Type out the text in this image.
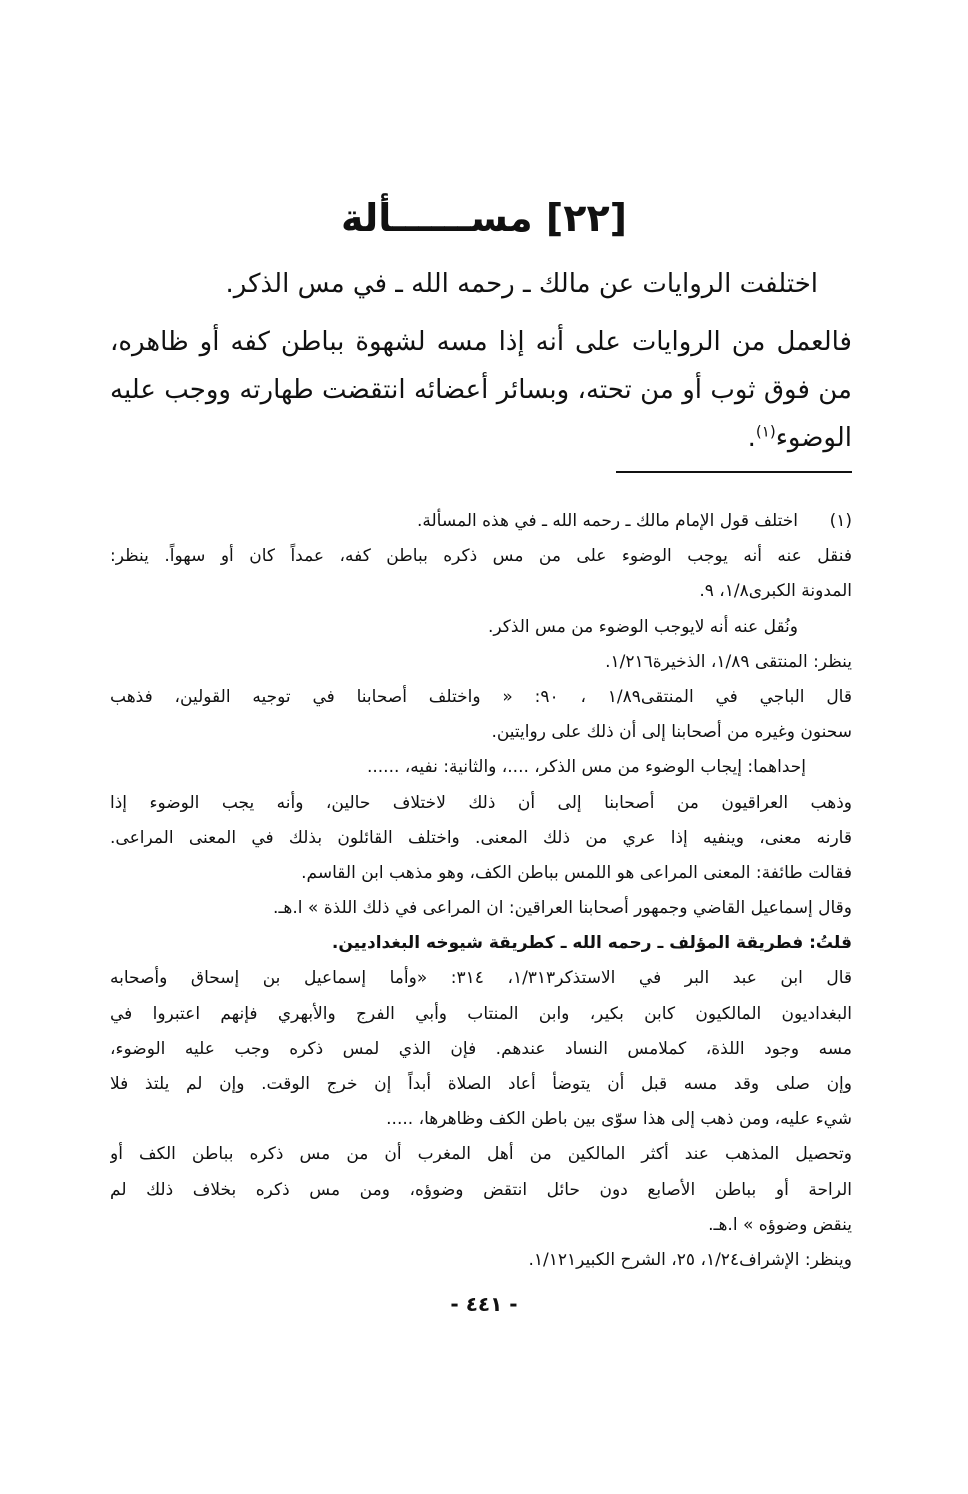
[٢٢] مســــــألة
اختلفت الروايات عن مالك ـ رحمه الله ـ في مس الذكر.
فالعمل من الروايات على أنه إذا مسه لشهوة بباطن كفه أو ظاهره، من فوق ثوب أو من تحته، وبسائر أعضائه انتقضت طهارته ووجب عليه الوضوء$^{(١)}$.
(١)
اختلف قول الإمام مالك ـ رحمه الله ـ في هذه المسألة.
فنقل عنه أنه يوجب الوضوء على من مس ذكره بباطن كفه، عمداً كان أو سهواً. ينظر:
المدونة الكبرى١/٨، ٩.
ونُقل عنه أنه لايوجب الوضوء من مس الذكر.
ينظر: المنتقى ١/٨٩، الذخيرة١/٢١٦.
قال الباجي في المنتقى١/٨٩ ، ٩٠: « واختلف أصحابنا في توجيه القولين، فذهب
سحنون وغيره من أصحابنا إلى أن ذلك على روايتين.
إحداهما: إيجاب الوضوء من مس الذكر، ....، والثانية: نفيه، ......
وذهب العراقيون من أصحابنا إلى أن ذلك لاختلاف حالين، وأنه يجب الوضوء إذا
قارنه معنى، وينفيه إذا عري من ذلك المعنى. واختلف القائلون بذلك في المعنى المراعى.
فقالت طائفة: المعنى المراعى هو اللمس بباطن الكف، وهو مذهب ابن القاسم.
وقال إسماعيل القاضي وجمهور أصحابنا العراقين: ان المراعى في ذلك اللذة » ا.هـ.
قلتُ: فطريقة المؤلف ـ رحمه الله ـ كطريقة شيوخه البغداديين.
قال ابن عبد البر في الاستذكر١/٣١٣، ٣١٤: «وأما إسماعيل بن إسحاق وأصحابه
البغداديون المالكيون كابن بكير، وابن المنتاب وأبي الفرج والأبهري فإنهم اعتبروا في
مسه وجود اللذة، كملامس النساد عندهم. فإن الذي لمس ذكره وجب عليه الوضوء،
وإن صلى وقد مسه قبل أن يتوضأ أعاد الصلاة أبداً إن خرج الوقت. وإن لم يلتذ فلا
شيء عليه، ومن ذهب إلى هذا سوّى بين باطن الكف وظاهرها، .....
وتحصيل المذهب عند أكثر المالكين من أهل المغرب أن من مس ذكره بباطن الكف أو
الراحة أو بباطن الأصابع دون حائل انتقض وضوؤه، ومن مس ذكره بخلاف ذلك لم
ينقض وضوؤه » ا.هـ.
وينظر: الإشراف١/٢٤، ٢٥، الشرح الكبير١/١٢١.
- ٤٤١ -
